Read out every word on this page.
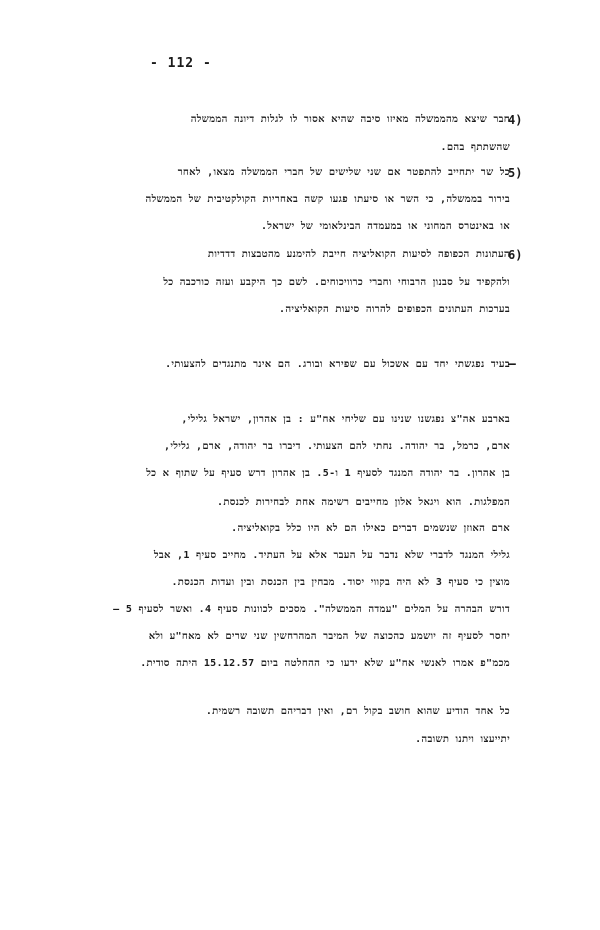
- 112 -
4)
חבר שיצא מהממשלה מאיזו סיבה שהיא אסור לו לגלות דיונה הממשלה
שהשתתף בהם.
5)
כל שר יתחייב להתפטר אם שני שלישים של חברי הממשלה מצאו, לאחר
בירור בממשלה, כי השר או סיעתו פגעו קשה באחריות הקולקטיבית של הממשלה
או באינטרס המחוני או במעמדה הבינלאומי של ישראל.
6)
העתונות הכפופה לסיעות הקואליציה חייבת להימנע מהטבצות דדדיות
ולהקפיד על סבנון הרבוחי וחברי כרוויכוחים. לשם כך היקבע ועזה כורכבה כל
בערכות העתונים הכפופים להרוה סיעות הקואליציה.
–
בעיד נפגשתי יחד עם אשכול עם שפירא ובורג. הם אינר מתנגדים להצעותי.
בארבע אה"צ נפגשנו שנינו עם שליחי אח"ע : בן אהרון, ישראל גלילי,
ארם, כרמל, בר יהודה. נחתי להם הצעותי. דיברו בר יהודה, ארם, גלילי,
בן אהרון. בר יהודה המנגד לסעיף 1 ו-5. בן אהרון דרש סעיף על שתוף א כל
המפלגות. הוא ויגאל אלון מחייבים רשימה אחת לבחירות לכנסת.
ארם האוזן שנשמים דברים כאילו הם לא היו כלל בקואליציה.
גלילי המנגד לדברי שלא נדבר על העבר אלא על העתיד. מחייב סעיף 1, אבל
מוצין כי סעיף 3 לא היה בקווי יסוד. מבחין בין הכנסת ובין ועדות הכנסת.
דורש הבהרה על המלים "עמדה הממשלה". מסכים לכוונות סעיף 4. ואשר לסעיף 5 –
יחסר לסעיף זה יושמע כהכוצה של המיבר המהרחשין שני שרים לא מאח"ע ולא
מכמ"פ אמרו לאנשי אח"ע שלא ידעו כי ההחלטה ביום 15.12.57 היתה סודית.
כל אחד הודיע שהוא חושב בקול רם, ואין דבריהם תשובה רשמית.
יתייעצו ויתנו תשובה.
